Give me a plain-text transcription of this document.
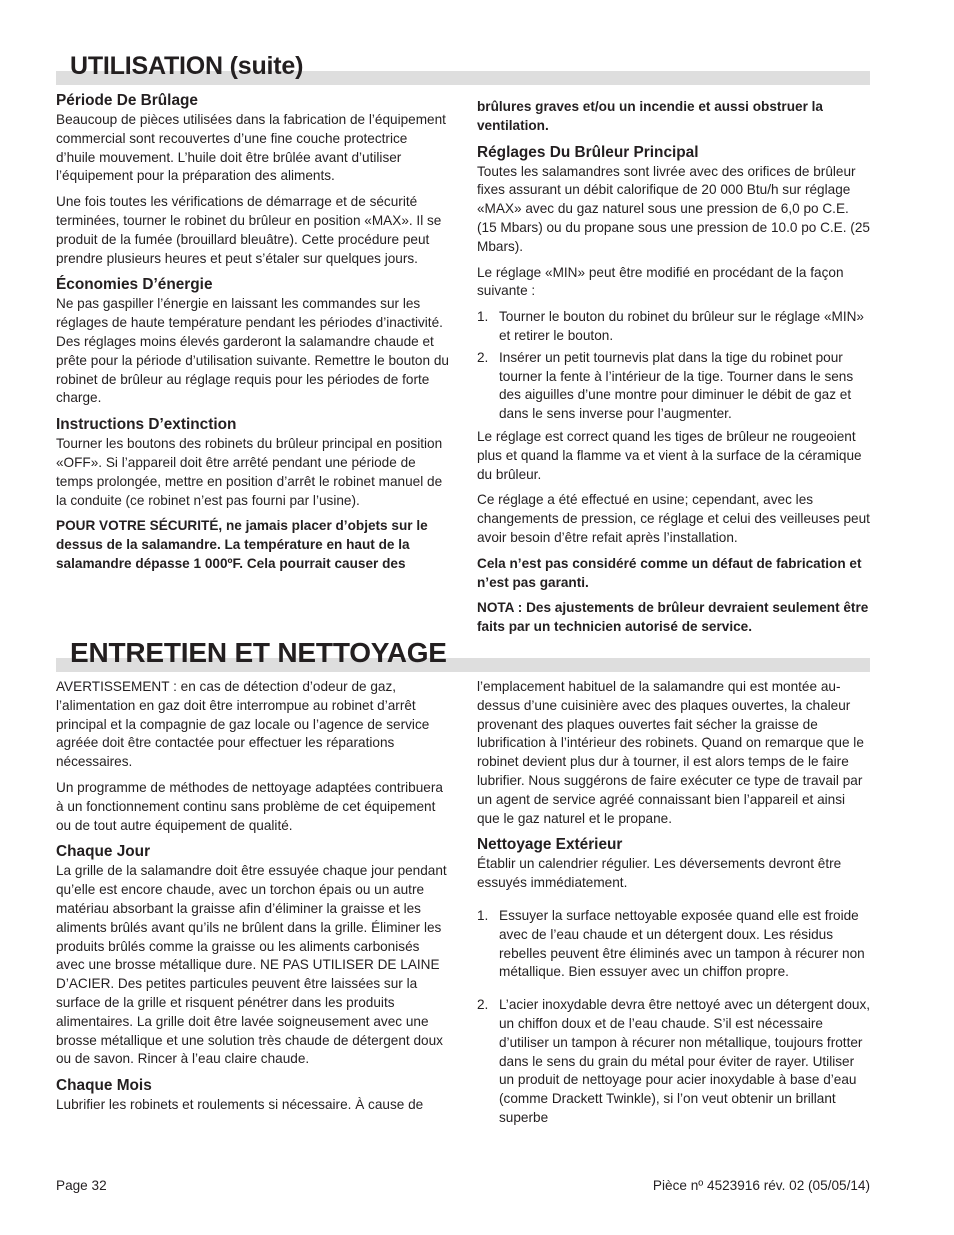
UTILISATION (suite)
Période De Brûlage

Beaucoup de pièces utilisées dans la fabrication de l’équipement commercial sont recouvertes d’une fine couche protectrice d’huile mouvement. L’huile doit être brûlée avant d’utiliser l’équipement pour la préparation des aliments.

Une fois toutes les vérifications de démarrage et de sécurité terminées, tourner le robinet du brûleur en position «MAX». Il se produit de la fumée (brouillard bleuâtre). Cette procédure peut prendre plusieurs heures et peut s’étaler sur quelques jours.

Économies D’énergie

Ne pas gaspiller l’énergie en laissant les commandes sur les réglages de haute température pendant les périodes d’inactivité. Des réglages moins élevés garderont la salamandre chaude et prête pour la période d’utilisation suivante. Remettre le bouton du robinet de brûleur au réglage requis pour les périodes de forte charge.

Instructions D’extinction

Tourner les boutons des robinets du brûleur principal en position «OFF». Si l’appareil doit être arrêté pendant une période de temps prolongée, mettre en position d’arrêt le robinet manuel de la conduite (ce robinet n’est pas fourni par l’usine).

POUR VOTRE SÉCURITÉ, ne jamais placer d’objets sur le dessus de la salamandre. La température en haut de la salamandre dépasse 1 000ºF. Cela pourrait causer des

brûlures graves et/ou un incendie et aussi obstruer la ventilation.

Réglages Du Brûleur Principal

Toutes les salamandres sont livrée avec des orifices de brûleur fixes assurant un débit calorifique de 20 000 Btu/h sur réglage «MAX» avec du gaz naturel sous une pression de 6,0 po C.E. (15 Mbars) ou du propane sous une pression de 10.0 po C.E. (25 Mbars).

Le réglage «MIN» peut être modifié en procédant de la façon suivante :

1. Tourner le bouton du robinet du brûleur sur le réglage «MIN» et retirer le bouton.
2. Insérer un petit tournevis plat dans la tige du robinet pour tourner la fente à l’intérieur de la tige. Tourner dans le sens des aiguilles d’une montre pour diminuer le débit de gaz et dans le sens inverse pour l’augmenter.

Le réglage est correct quand les tiges de brûleur ne rougeoient plus et quand la flamme va et vient à la surface de la céramique du brûleur.

Ce réglage a été effectué en usine; cependant, avec les changements de pression, ce réglage et celui des veilleuses peut avoir besoin d’être refait après l’installation.

Cela n’est pas considéré comme un défaut de fabrication et n’est pas garanti.

NOTA : Des ajustements de brûleur devraient seulement être faits par un technicien autorisé de service.

ENTRETIEN ET NETTOYAGE

AVERTISSEMENT : en cas de détection d’odeur de gaz, l’alimentation en gaz doit être interrompue au robinet d’arrêt principal et la compagnie de gaz locale ou l’agence de service agréée doit être contactée pour effectuer les réparations nécessaires.

Un programme de méthodes de nettoyage adaptées contribuera à un fonctionnement continu sans problème de cet équipement ou de tout autre équipement de qualité.

Chaque Jour

La grille de la salamandre doit être essuyée chaque jour pendant qu’elle est encore chaude, avec un torchon épais ou un autre matériau absorbant la graisse afin d’éliminer la graisse et les aliments brûlés avant qu’ils ne brûlent dans la grille. Éliminer les produits brûlés comme la graisse ou les aliments carbonisés avec une brosse métallique dure. NE PAS UTILISER DE LAINE D’ACIER. Des petites particules peuvent être laissées sur la surface de la grille et risquent pénétrer dans les produits alimentaires. La grille doit être lavée soigneusement avec une brosse métallique et une solution très chaude de détergent doux ou de savon. Rincer à l’eau claire chaude.

Chaque Mois

Lubrifier les robinets et roulements si nécessaire. À cause de

l’emplacement habituel de la salamandre qui est montée au-dessus d’une cuisinière avec des plaques ouvertes, la chaleur provenant des plaques ouvertes fait sécher la graisse de lubrification à l’intérieur des robinets. Quand on remarque que le robinet devient plus dur à tourner, il est alors temps de le faire lubrifier. Nous suggérons de faire exécuter ce type de travail par un agent de service agréé connaissant bien l’appareil et ainsi que le gaz naturel et le propane.

Nettoyage Extérieur

Établir un calendrier régulier. Les déversements devront être essuyés immédiatement.

1. Essuyer la surface nettoyable exposée quand elle est froide avec de l’eau chaude et un détergent doux. Les résidus rebelles peuvent être éliminés avec un tampon à récurer non métallique. Bien essuyer avec un chiffon propre.
2. L’acier inoxydable devra être nettoyé avec un détergent doux, un chiffon doux et de l’eau chaude. S’il est nécessaire d’utiliser un tampon à récurer non métallique, toujours frotter dans le sens du grain du métal pour éviter de rayer. Utiliser un produit de nettoyage pour acier inoxydable à base d’eau (comme Drackett Twinkle), si l’on veut obtenir un brillant superbe
Page 32	Pièce nº 4523916 rév. 02 (05/05/14)
